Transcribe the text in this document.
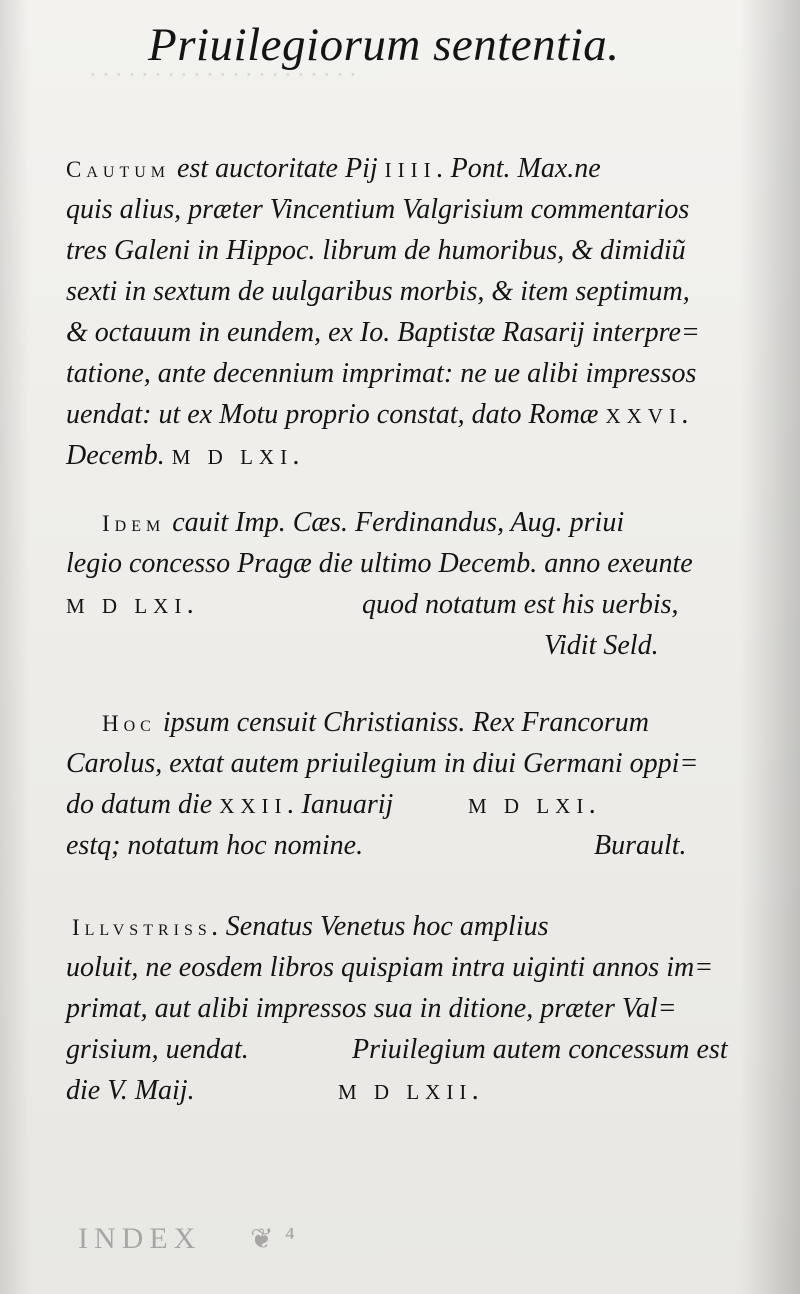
· · · · · · · · · · · · · · · · · · · · ·
Priuilegiorum sententia.
Cautum est auctoritate Pij IIII. Pont. Max.ne
quis alius, præter Vincentium Valgrisium commentarios
tres Galeni in Hippoc. librum de humoribus, & dimidiũ
sexti in sextum de uulgaribus morbis, & item septimum,
& octauum in eundem, ex Io. Baptistæ Rasarij interpre=
tatione, ante decennium imprimat: ne ue alibi impressos
uendat: ut ex Motu proprio constat, dato Romæ XXVI.
Decemb. M D LXI.
Idem cauit Imp. Cæs. Ferdinandus, Aug. priui
legio concesso Pragæ die ultimo Decemb. anno exeunte
M D LXI.	quod notatum est his uerbis,
Vidit Seld.
Hoc ipsum censuit Christianiss. Rex Francorum
Carolus, extat autem priuilegium in diui Germani oppi=
do datum die XXII. Ianuarij	M D LXI.
estq; notatum hoc nomine.	Burault.
Illvstriss. Senatus Venetus hoc amplius
uoluit, ne eosdem libros quispiam intra uiginti annos im=
primat, aut alibi impressos sua in ditione, præter Val=
grisium, uendat.	Priuilegium autem concessum est
die V. Maij.	M D LXII.
INDEX ❦ ⁴
